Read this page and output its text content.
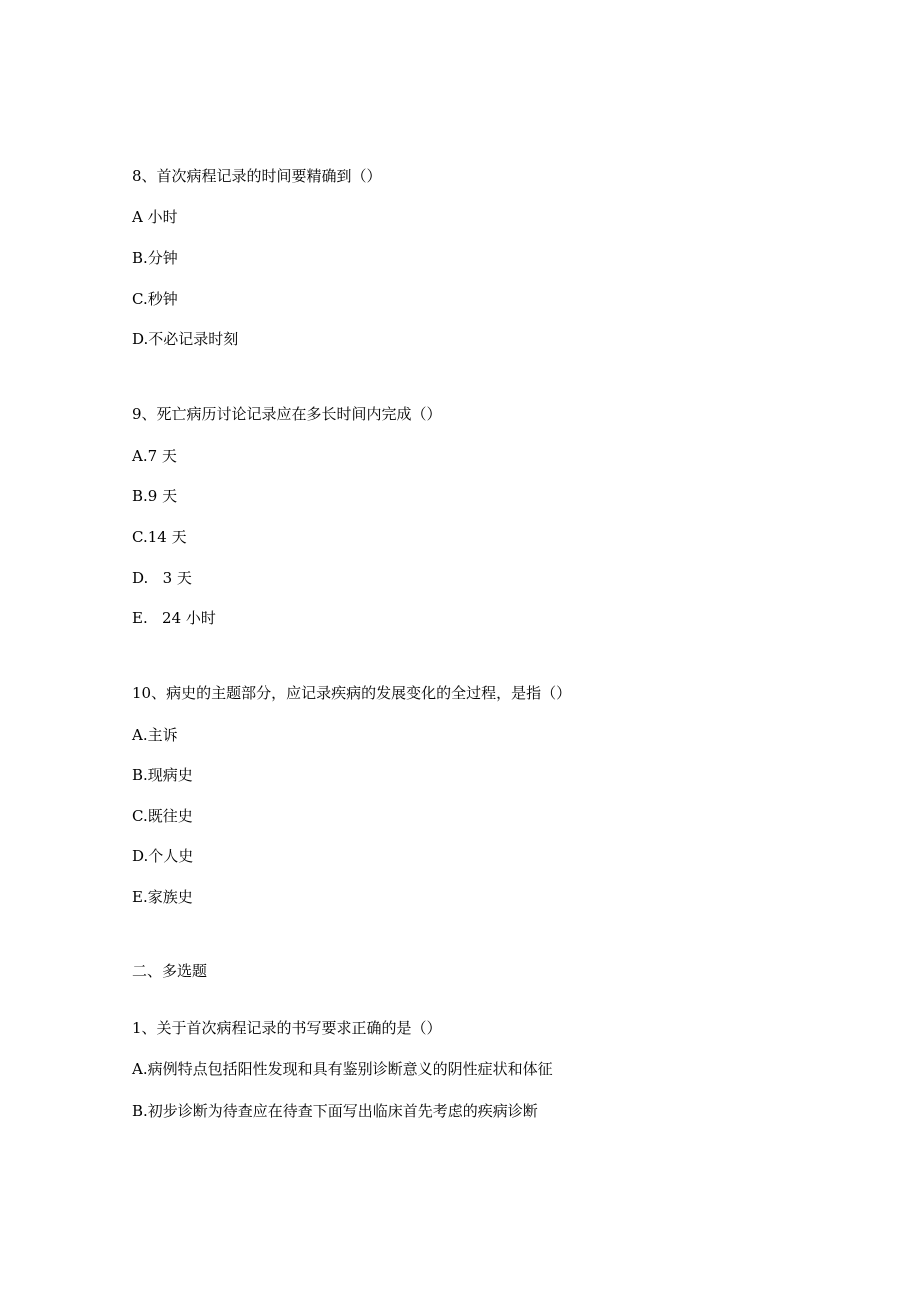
8、首次病程记录的时间要精确到（）
A 小时
B.分钟
C.秒钟
D.不必记录时刻
9、死亡病历讨论记录应在多长时间内完成（）
A.7 天
B.9 天
C.14 天
D.   3 天
E.   24 小时
10、病史的主题部分，应记录疾病的发展变化的全过程，是指（）
A.主诉
B.现病史
C.既往史
D.个人史
E.家族史
二、多选题
1、关于首次病程记录的书写要求正确的是（）
A.病例特点包括阳性发现和具有鉴别诊断意义的阴性症状和体征
B.初步诊断为待查应在待查下面写出临床首先考虑的疾病诊断
